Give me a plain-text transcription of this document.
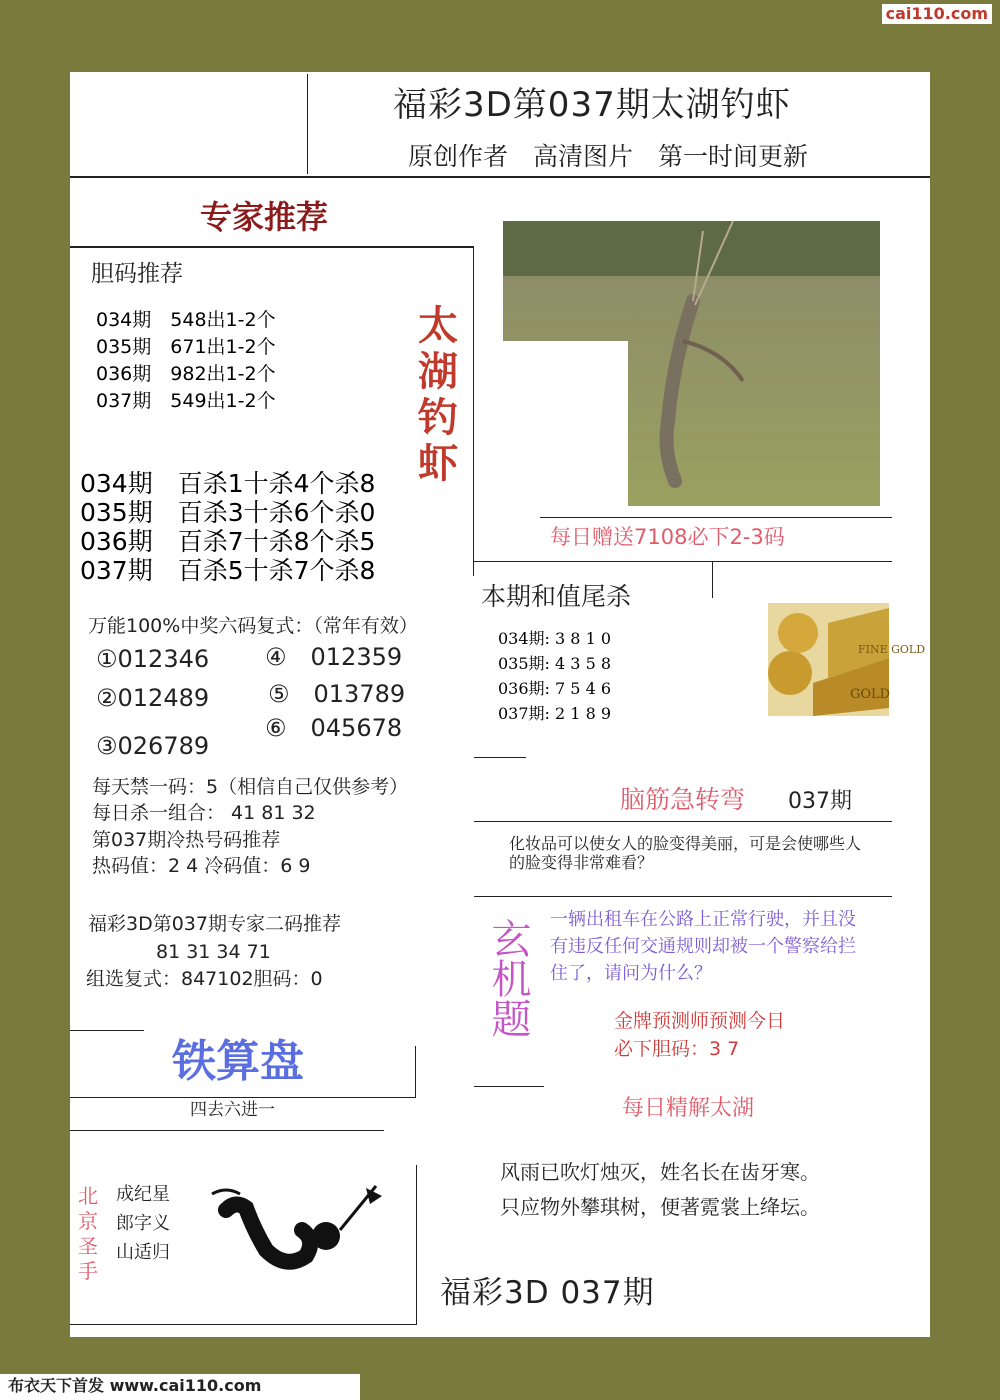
cai110.com
福彩3D第037期太湖钓虾
原创作者　高清图片　第一时间更新
专家推荐
太
湖
钓
虾
胆码推荐
034期　 548出1-2个
035期　 671出1-2个
036期　 982出1-2个
037期　 549出1-2个
034期　 百杀1十杀4个杀8
035期　 百杀3十杀6个杀0
036期　 百杀7十杀8个杀5
037期　 百杀5十杀7个杀8
万能100%中奖六码复式：（常年有效）
①012346
②012489
③026789
④　012359
⑤　013789
⑥　045678
每天禁一码：5（相信自己仅供参考）
每日杀一组合： 41 81 32
第037期冷热号码推荐
热码值：2 4 冷码值：6 9
福彩3D第037期专家二码推荐
81 31 34 71
组选复式：847102胆码：0
铁算盘
四去六进一
北
京
圣
手
成纪星
郎字义
山适归
每日赠送7108必下2-3码
本期和值尾杀
034期: 3 8 1 0
035期: 4 3 5 8
036期: 7 5 4 6
037期: 2 1 8 9
FINE GOLD
GOLD
脑筋急转弯 037期
化妆品可以使女人的脸变得美丽，可是会使哪些人的脸变得非常难看？
玄机题 一辆出租车在公路上正常行驶，并且没有违反任何交通规则却被一个警察给拦住了，请问为什么？
金牌预测师预测今日
必下胆码：3 7
每日精解太湖
风雨已吹灯烛灭，姓名长在齿牙寒。
只应物外攀琪树，便著霓裳上绛坛。
福彩3D 037期
布衣天下首发 www.cai110.com
